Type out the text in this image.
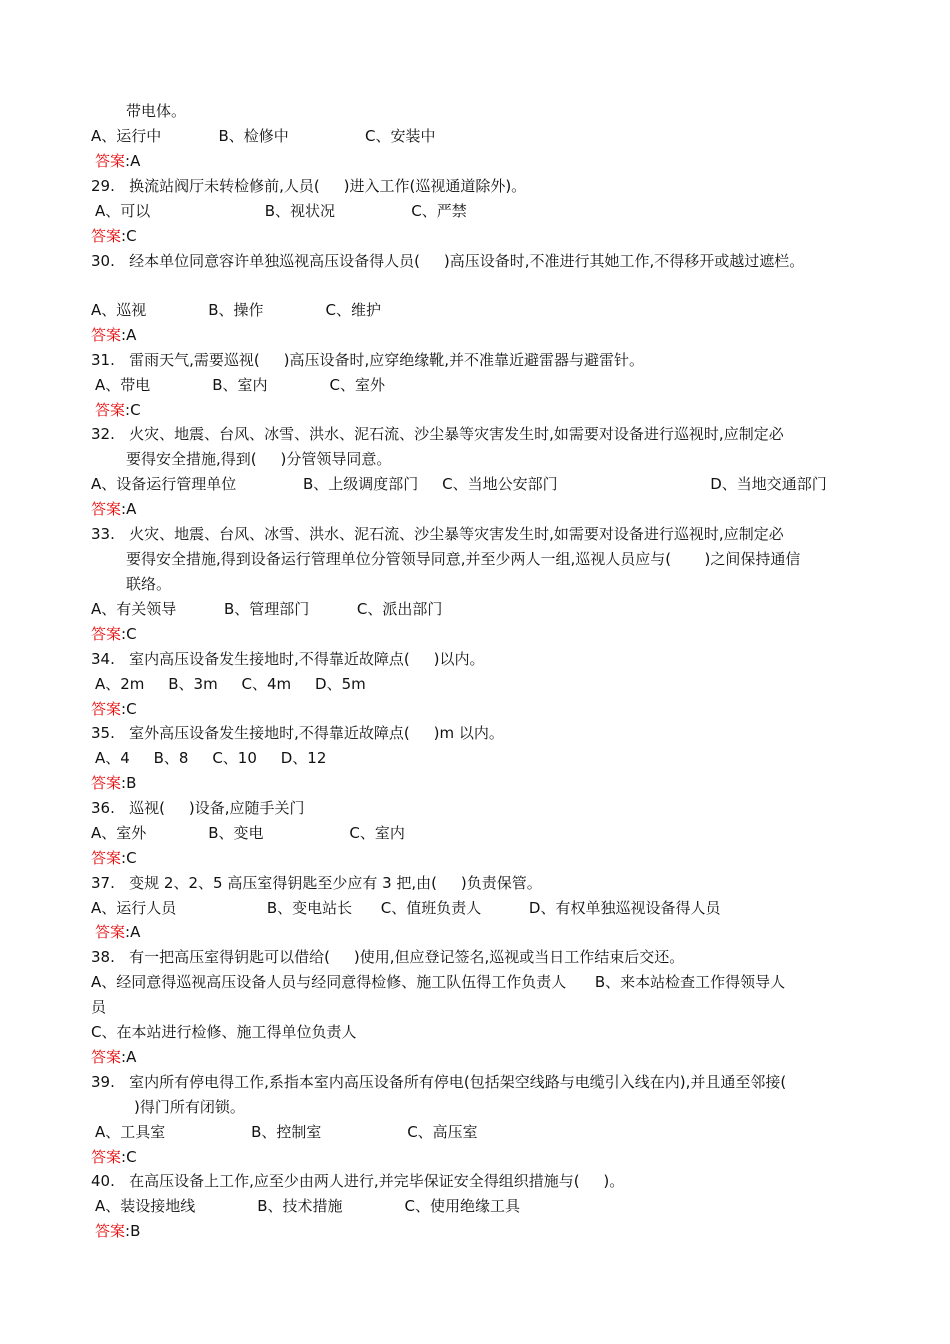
带电体。
A、运行中            B、检修中                C、安装中
答案:A
29.   换流站阀厅未转检修前,人员(     )进入工作(巡视通道除外)。
A、可以                        B、视状况                C、严禁
答案:C
30.   经本单位同意容许单独巡视高压设备得人员(     )高压设备时,不准进行其她工作,不得移开或越过遮栏。
A、巡视             B、操作             C、维护
答案:A
31.   雷雨天气,需要巡视(     )高压设备时,应穿绝缘靴,并不准靠近避雷器与避雷针。
A、带电             B、室内             C、室外
答案:C
32.   火灾、地震、台风、冰雪、洪水、泥石流、沙尘暴等灾害发生时,如需要对设备进行巡视时,应制定必
要得安全措施,得到(     )分管领导同意。
A、设备运行管理单位              B、上级调度部门     C、当地公安部门                                D、当地交通部门
答案:A
33.   火灾、地震、台风、冰雪、洪水、泥石流、沙尘暴等灾害发生时,如需要对设备进行巡视时,应制定必
要得安全措施,得到设备运行管理单位分管领导同意,并至少两人一组,巡视人员应与(       )之间保持通信
联络。
A、有关领导          B、管理部门          C、派出部门
答案:C
34.   室内高压设备发生接地时,不得靠近故障点(     )以内。
A、2m     B、3m     C、4m     D、5m
答案:C
35.   室外高压设备发生接地时,不得靠近故障点(     )m 以内。
A、4     B、8     C、10     D、12
答案:B
36.   巡视(     )设备,应随手关门
A、室外             B、变电                  C、室内
答案:C
37.   变规 2、2、5 高压室得钥匙至少应有 3 把,由(     )负责保管。
A、运行人员                   B、变电站长      C、值班负责人          D、有权单独巡视设备得人员
答案:A
38.   有一把高压室得钥匙可以借给(     )使用,但应登记签名,巡视或当日工作结束后交还。
A、经同意得巡视高压设备人员与经同意得检修、施工队伍得工作负责人      B、来本站检查工作得领导人
员
C、在本站进行检修、施工得单位负责人
答案:A
39.   室内所有停电得工作,系指本室内高压设备所有停电(包括架空线路与电缆引入线在内),并且通至邻接(
)得门所有闭锁。
A、工具室                  B、控制室                  C、高压室
答案:C
40.   在高压设备上工作,应至少由两人进行,并完毕保证安全得组织措施与(     )。
A、装设接地线             B、技术措施             C、使用绝缘工具
答案:B
